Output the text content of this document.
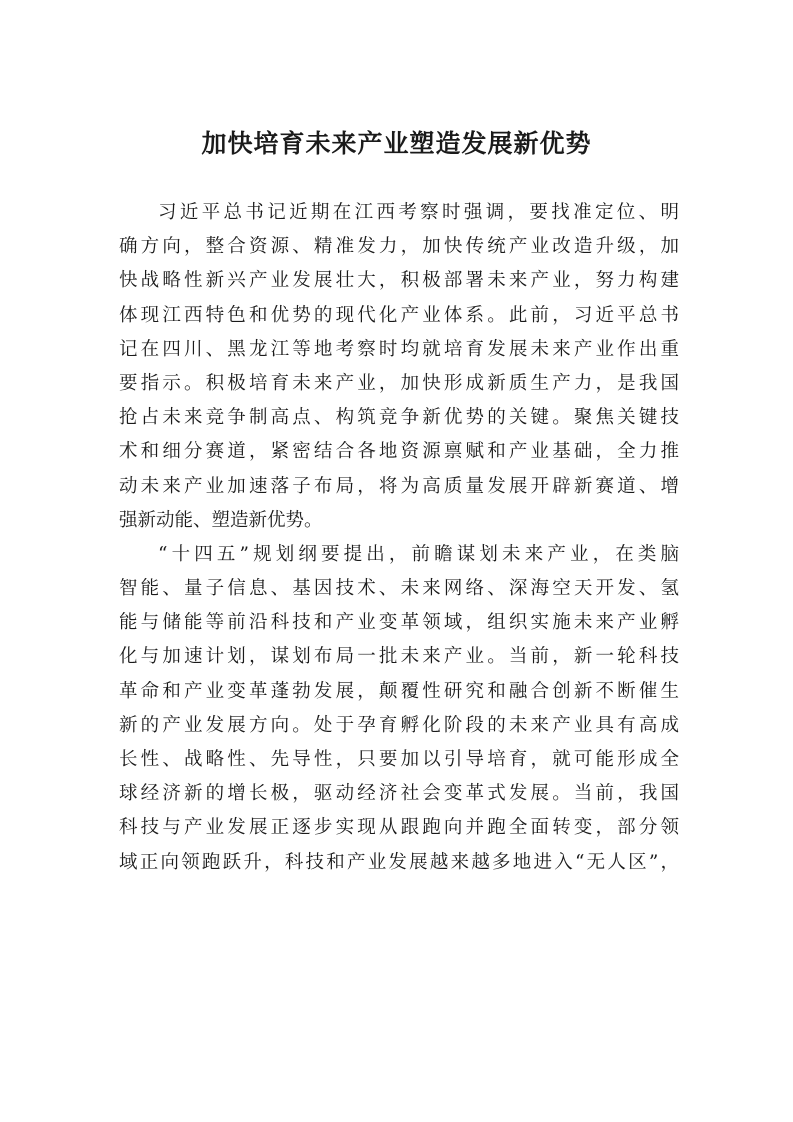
加快培育未来产业塑造发展新优势
习近平总书记近期在江西考察时强调，要找准定位、明
确方向，整合资源、精准发力，加快传统产业改造升级，加
快战略性新兴产业发展壮大，积极部署未来产业，努力构建
体现江西特色和优势的现代化产业体系。此前，习近平总书
记在四川、黑龙江等地考察时均就培育发展未来产业作出重
要指示。积极培育未来产业，加快形成新质生产力，是我国
抢占未来竞争制高点、构筑竞争新优势的关键。聚焦关键技
术和细分赛道，紧密结合各地资源禀赋和产业基础，全力推
动未来产业加速落子布局，将为高质量发展开辟新赛道、增
强新动能、塑造新优势。
“十四五”规划纲要提出，前瞻谋划未来产业，在类脑
智能、量子信息、基因技术、未来网络、深海空天开发、氢
能与储能等前沿科技和产业变革领域，组织实施未来产业孵
化与加速计划，谋划布局一批未来产业。当前，新一轮科技
革命和产业变革蓬勃发展，颠覆性研究和融合创新不断催生
新的产业发展方向。处于孕育孵化阶段的未来产业具有高成
长性、战略性、先导性，只要加以引导培育，就可能形成全
球经济新的增长极，驱动经济社会变革式发展。当前，我国
科技与产业发展正逐步实现从跟跑向并跑全面转变，部分领
域正向领跑跃升，科技和产业发展越来越多地进入“无人区”，
